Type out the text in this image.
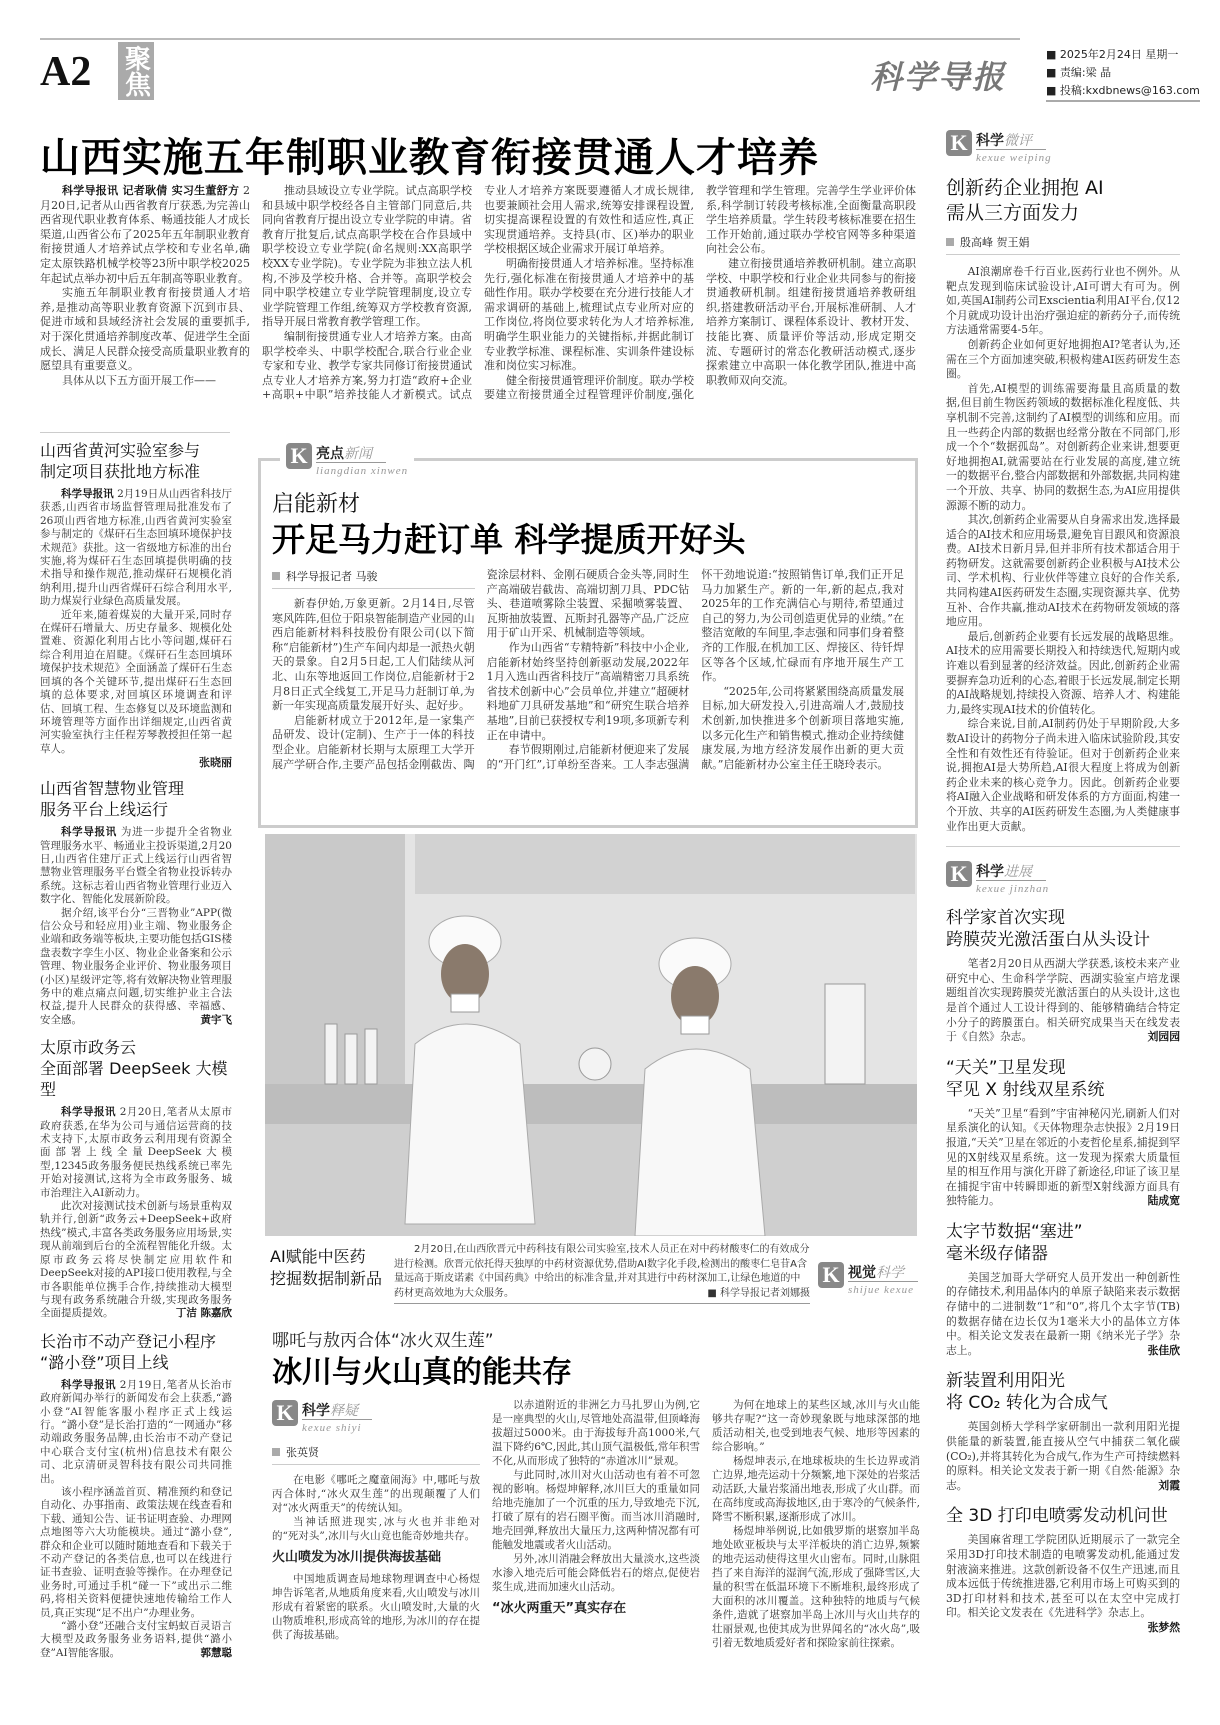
A2 聚焦	科学导报
■ 2025年2月24日 星期一
■ 责编:梁 晶
■ 投稿:kxdbnews@163.com
山西实施五年制职业教育衔接贯通人才培养

科学导报讯 记者耿倩 实习生董舒方 2月20日,记者从山西省教育厅获悉,为完善山西省现代职业教育体系、畅通技能人才成长渠道,山西省公布了2025年五年制职业教育衔接贯通人才培养试点学校和专业名单,确定太原铁路机械学校等23所中职学校2025年起试点举办初中后五年制高等职业教育。

实施五年制职业教育衔接贯通人才培养,是推动高等职业教育资源下沉到市县、促进市域和县域经济社会发展的重要抓手,对于深化贯通培养制度改革、促进学生全面成长、满足人民群众接受高质量职业教育的愿望具有重要意义。

具体从以下五方面开展工作——

推动县域设立专业学院。试点高职学校和县域中职学校经各自主管部门同意后,共同向省教育厅提出设立专业学院的申请。省教育厅批复后,试点高职学校在合作县域中职学校设立专业学院(命名规则:XX高职学校XX专业学院)。专业学院为非独立法人机构,不涉及学校升格、合并等。高职学校会同中职学校建立专业学院管理制度,设立专业学院管理工作组,统筹双方学校教育资源,指导开展日常教育教学管理工作。

编制衔接贯通专业人才培养方案。由高职学校牵头、中职学校配合,联合行业企业专家和专业、教学专家共同修订衔接贯通试点专业人才培养方案,努力打造“政府+企业+高职+中职”培养技能人才新模式。试点专业人才培养方案既要遵循人才成长规律,也要兼顾社会用人需求,统筹安排课程设置,切实提高课程设置的有效性和适应性,真正实现贯通培养。支持县(市、区)举办的职业学校根据区域企业需求开展订单培养。

明确衔接贯通人才培养标准。坚持标准先行,强化标准在衔接贯通人才培养中的基础性作用。联办学校要在充分进行技能人才需求调研的基础上,梳理试点专业所对应的工作岗位,将岗位要求转化为人才培养标准,明确学生职业能力的关键指标,并据此制订专业教学标准、课程标准、实训条件建设标准和岗位实习标准。

健全衔接贯通管理评价制度。联办学校要建立衔接贯通全过程管理评价制度,强化教学管理和学生管理。完善学生学业评价体系,科学制订转段考核标准,全面衡量高职段学生培养质量。学生转段考核标准要在招生工作开始前,通过联办学校官网等多种渠道向社会公布。

建立衔接贯通培养教研机制。建立高职学校、中职学校和行业企业共同参与的衔接贯通教研机制。组建衔接贯通培养教研组织,搭建教研活动平台,开展标准研制、人才培养方案制订、课程体系设计、教材开发、技能比赛、质量评价等活动,形成定期交流、专题研讨的常态化教研活动模式,逐步探索建立中高职一体化教学团队,推进中高职教师双向交流。

山西省黄河实验室参与
制定项目获批地方标准

科学导报讯 2月19日从山西省科技厅获悉,山西省市场监督管理局批准发布了26项山西省地方标准,山西省黄河实验室参与制定的《煤矸石生态回填环境保护技术规范》获批。这一省级地方标准的出台实施,将为煤矸石生态回填提供明确的技术指导和操作规范,推动煤矸石规模化消纳利用,提升山西省煤矸石综合利用水平,助力煤炭行业绿色高质量发展。

近年来,随着煤炭的大量开采,同时存在煤矸石增量大、历史存量多、规模化处置难、资源化利用占比小等问题,煤矸石综合利用迫在眉睫。《煤矸石生态回填环境保护技术规范》全面涵盖了煤矸石生态回填的各个关键环节,提出煤矸石生态回填的总体要求,对回填区环境调查和评估、回填工程、生态修复以及环境监测和环境管理等方面作出详细规定,山西省黄河实验室执行主任程芳琴教授担任第一起草人。

张晓丽
山西省智慧物业管理
服务平台上线运行

科学导报讯 为进一步提升全省物业管理服务水平、畅通业主投诉渠道,2月20日,山西省住建厅正式上线运行山西省智慧物业管理服务平台暨全省物业投诉转办系统。这标志着山西省物业管理行业迈入数字化、智能化发展新阶段。

据介绍,该平台分“三晋物业”APP(微信公众号和轻应用)业主端、物业服务企业端和政务端等板块,主要功能包括GIS楼盘表数字孪生小区、物业企业备案和公示管理、物业服务企业评价、物业服务项目(小区)星级评定等,将有效解决物业管理服务中的难点痛点问题,切实维护业主合法权益,提升人民群众的获得感、幸福感、安全感。	黄宇飞

太原市政务云
全面部署 DeepSeek 大模型

科学导报讯 2月20日,笔者从太原市政府获悉,在华为公司与通信运营商的技术支持下,太原市政务云利用现有资源全面部署上线全量DeepSeek大模型,12345政务服务便民热线系统已率先开始对接测试,这将为全市政务服务、城市治理注入AI新动力。

此次对接测试技术创新与场景重构双轨并行,创新“政务云+DeepSeek+政府热线”模式,丰富各类政务服务应用场景,实现从前端到后台的全流程智能化升级。太原市政务云将尽快制定应用软件和DeepSeek对接的API接口使用教程,与全市各职能单位携手合作,持续推动大模型与现有政务系统融合升级,实现政务服务全面提质提效。	丁洁 陈嘉欣

长治市不动产登记小程序
“潞小登”项目上线

科学导报讯 2月19日,笔者从长治市政府新闻办举行的新闻发布会上获悉,“潞小登”AI智能客服小程序正式上线运行。“潞小登”是长治打造的“一网通办”移动端政务服务品牌,由长治市不动产登记中心联合支付宝(杭州)信息技术有限公司、北京清研灵智科技有限公司共同推出。

该小程序涵盖首页、精准预约和登记自动化、办事指南、政策法规在线查看和下载、通知公告、证书证明查验、办理网点地图等六大功能模块。通过“潞小登”,群众和企业可以随时随地查看和下载关于不动产登记的各类信息,也可以在线进行证书查验、证明查验等操作。在办理登记业务时,可通过手机“碰一下”或出示二维码,将相关资料便捷快速地传输给工作人员,真正实现“足不出户”办理业务。

“潞小登”还融合支付宝蚂蚁百灵语言大模型及政务服务业务语料,提供“潞小登”AI智能客服。	郭慧聪

K 亮点新闻
liangdian xinwen
启能新材
开足马力赶订单 科学提质开好头
科学导报记者 马骏

新春伊始,万象更新。2月14日,尽管寒风阵阵,但位于阳泉智能制造产业园的山西启能新材料科技股份有限公司(以下简称“启能新材”)生产车间内却是一派热火朝天的景象。自2月5日起,工人们陆续从河北、山东等地返回工作岗位,启能新材于2月8日正式全线复工,开足马力赶制订单,为新一年实现高质量发展开好头、起好步。

启能新材成立于2012年,是一家集产品研发、设计(定制)、生产于一体的科技型企业。启能新材长期与太原理工大学开展产学研合作,主要产品包括金刚截齿、陶瓷涂层材料、金刚石硬质合金头等,同时生产高端破岩截齿、高端切割刀具、PDC钻头、巷道喷雾除尘装置、采掘喷雾装置、瓦斯抽放装置、瓦斯封孔器等产品,广泛应用于矿山开采、机械制造等领域。

作为山西省“专精特新”科技中小企业,启能新材始终坚持创新驱动发展,2022年1月入选山西省科技厅“高端精密刀具系统省技术创新中心”会员单位,并建立“超硬材料地矿刀具研发基地”和“研究生联合培养基地”,目前已获授权专利19项,多项新专利正在申请中。

春节假期刚过,启能新材便迎来了发展的“开门红”,订单纷至沓来。工人李志强满怀干劲地说道:“按照销售订单,我们正开足马力加紧生产。新的一年,新的起点,我对2025年的工作充满信心与期待,希望通过自己的努力,为公司创造更优异的业绩。”在整洁宽敞的车间里,李志强和同事们身着整齐的工作服,在机加工区、焊接区、待钎焊区等各个区域,忙碌而有序地开展生产工作。

“2025年,公司将紧紧围绕高质量发展目标,加大研发投入,引进高端人才,鼓励技术创新,加快推进多个创新项目落地实施,以多元化生产和销售模式,推动企业持续健康发展,为地方经济发展作出新的更大贡献。”启能新材办公室主任王晓玲表示。

AI赋能中医药
挖掘数据制新品
2月20日,在山西欣晋元中药科技有限公司实验室,技术人员正在对中药材酸枣仁的有效成分进行检测。欣晋元依托得天独厚的中药材资源优势,借助AI数字化手段,检测出的酸枣仁皂苷A含量远高于斯皮诺素《中国药典》中给出的标准含量,并对其进行中药材深加工,让绿色地道的中药材更高效地为大众服务。	■ 科学导报记者刘娜摄
K 视觉科学
shijue kexue
哪吒与敖丙合体“冰火双生莲”
冰川与火山真的能共存
K 科学释疑
kexue shiyi
张英贤

在电影《哪吒之魔童闹海》中,哪吒与敖丙合体时,“冰火双生莲”的出现颠覆了人们对“冰火两重天”的传统认知。

当神话照进现实,冰与火也并非绝对的“死对头”,冰川与火山竟也能奇妙地共存。

火山喷发为冰川提供海拔基础

中国地质调查局地球物理调查中心杨煜坤告诉笔者,从地质角度来看,火山喷发与冰川形成有着紧密的联系。火山喷发时,大量的火山物质堆积,形成高耸的地形,为冰川的存在提供了海拔基础。

以赤道附近的非洲乞力马扎罗山为例,它是一座典型的火山,尽管地处高温带,但顶峰海拔超过5000米。由于海拔每升高1000米,气温下降约6℃,因此,其山顶气温极低,常年积雪不化,从而形成了独特的“赤道冰川”景观。

与此同时,冰川对火山活动也有着不可忽视的影响。杨煜坤解释,冰川巨大的重量如同给地壳施加了一个沉重的压力,导致地壳下沉,打破了原有的岩石圈平衡。而当冰川消融时,地壳回弹,释放出大量压力,这两种情况都有可能触发地震或者火山活动。

另外,冰川消融会释放出大量淡水,这些淡水渗入地壳后可能会降低岩石的熔点,促使岩浆生成,进而加速火山活动。

“冰火两重天”真实存在

为何在地球上的某些区域,冰川与火山能够共存呢?“这一奇妙现象既与地球深部的地质活动相关,也受到地表气候、地形等因素的综合影响。”

杨煜坤表示,在地球板块的生长边界或消亡边界,地壳运动十分频繁,地下深处的岩浆活动活跃,大量岩浆涌出地表,形成了火山群。而在高纬度或高海拔地区,由于寒冷的气候条件,降雪不断积累,逐渐形成了冰川。

杨煜坤举例说,比如俄罗斯的堪察加半岛地处欧亚板块与太平洋板块的消亡边界,频繁的地壳运动使得这里火山密布。同时,山脉阻挡了来自海洋的湿润气流,形成了强降雪区,大量的积雪在低温环境下不断堆积,最终形成了大面积的冰川覆盖。这种独特的地质与气候条件,造就了堪察加半岛上冰川与火山共存的壮丽景观,也使其成为世界闻名的“冰火岛”,吸引着无数地质爱好者和探险家前往探索。

K 科学微评
kexue weiping
创新药企业拥抱 AI
需从三方面发力
殷高峰 贺王娟

AI浪潮席卷千行百业,医药行业也不例外。从靶点发现到临床试验设计,AI可谓大有可为。例如,英国AI制药公司Exscientia利用AI平台,仅12个月就成功设计出治疗强迫症的新药分子,而传统方法通常需要4-5年。

创新药企业如何更好地拥抱AI?笔者认为,还需在三个方面加速突破,积极构建AI医药研发生态圈。

首先,AI模型的训练需要海量且高质量的数据,但目前生物医药领域的数据标准化程度低、共享机制不完善,这制约了AI模型的训练和应用。而且一些药企内部的数据也经常分散在不同部门,形成一个个“数据孤岛”。对创新药企业来讲,想要更好地拥抱AI,就需要站在行业发展的高度,建立统一的数据平台,整合内部数据和外部数据,共同构建一个开放、共享、协同的数据生态,为AI应用提供源源不断的动力。

其次,创新药企业需要从自身需求出发,选择最适合的AI技术和应用场景,避免盲目跟风和资源浪费。AI技术日新月异,但并非所有技术都适合用于药物研发。这就需要创新药企业积极与AI技术公司、学术机构、行业伙伴等建立良好的合作关系,共同构建AI医药研发生态圈,实现资源共享、优势互补、合作共赢,推动AI技术在药物研发领域的落地应用。

最后,创新药企业要有长远发展的战略思维。AI技术的应用需要长期投入和持续迭代,短期内或许难以看到显著的经济效益。因此,创新药企业需要摒弃急功近利的心态,着眼于长远发展,制定长期的AI战略规划,持续投入资源、培养人才、构建能力,最终实现AI技术的价值转化。

综合来说,目前,AI制药仍处于早期阶段,大多数AI设计的药物分子尚未进入临床试验阶段,其安全性和有效性还有待验证。但对于创新药企业来说,拥抱AI是大势所趋,AI很大程度上将成为创新药企业未来的核心竞争力。因此。创新药企业要将AI融入企业战略和研发体系的方方面面,构建一个开放、共享的AI医药研发生态圈,为人类健康事业作出更大贡献。

K 科学进展
kexue jinzhan
科学家首次实现
跨膜荧光激活蛋白从头设计

笔者2月20日从西湖大学获悉,该校未来产业研究中心、生命科学学院、西湖实验室卢培龙课题组首次实现跨膜荧光激活蛋白的从头设计,这也是首个通过人工设计得到的、能够精确结合特定小分子的跨膜蛋白。相关研究成果当天在线发表于《自然》杂志。	刘园园

“天关”卫星发现
罕见 X 射线双星系统

“天关”卫星“看到”宇宙神秘闪光,刷新人们对星系演化的认知。《天体物理杂志快报》2月19日报道,“天关”卫星在邻近的小麦哲伦星系,捕捉到罕见的X射线双星系统。这一发现为探索大质量恒星的相互作用与演化开辟了新途径,印证了该卫星在捕捉宇宙中转瞬即逝的新型X射线源方面具有独特能力。	陆成宽

太字节数据“塞进”
毫米级存储器

美国芝加哥大学研究人员开发出一种创新性的存储技术,利用晶体内的单原子缺陷来表示数据存储中的二进制数“1”和“0”,将几个太字节(TB)的数据存储在边长仅为1毫米大小的晶体立方体中。相关论文发表在最新一期《纳米光子学》杂志上。	张佳欣

新装置利用阳光
将 CO₂ 转化为合成气

英国剑桥大学科学家研制出一款利用阳光提供能量的新装置,能直接从空气中捕获二氧化碳(CO₂),并将其转化为合成气,作为生产可持续燃料的原料。相关论文发表于新一期《自然·能源》杂志。	刘霞

全 3D 打印电喷雾发动机问世

美国麻省理工学院团队近期展示了一款完全采用3D打印技术制造的电喷雾发动机,能通过发射液滴来推进。这款创新设备不仅生产迅速,而且成本远低于传统推进器,它利用市场上可购买到的3D打印材料和技术,甚至可以在太空中完成打印。相关论文发表在《先进科学》杂志上。
张梦然
